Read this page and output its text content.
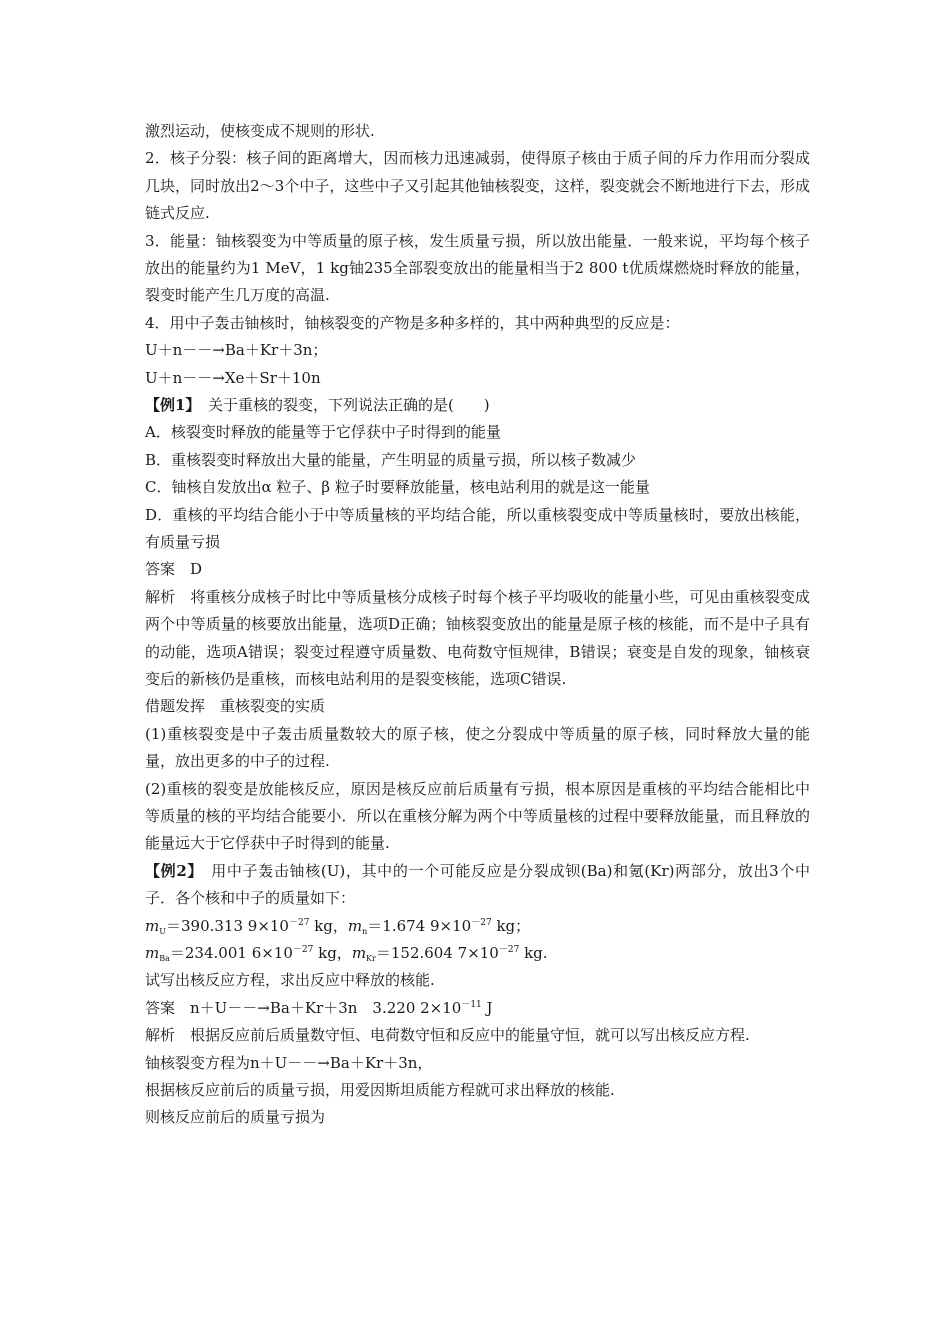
激烈运动，使核变成不规则的形状.
2．核子分裂：核子间的距离增大，因而核力迅速减弱，使得原子核由于质子间的斥力作用而分裂成几块，同时放出2～3个中子，这些中子又引起其他铀核裂变，这样，裂变就会不断地进行下去，形成链式反应.
3．能量：铀核裂变为中等质量的原子核，发生质量亏损，所以放出能量．一般来说，平均每个核子放出的能量约为1 MeV，1 kg铀235全部裂变放出的能量相当于2 800 t优质煤燃烧时释放的能量，裂变时能产生几万度的高温.
4．用中子轰击铀核时，铀核裂变的产物是多种多样的，其中两种典型的反应是：
U＋n－－→Ba＋Kr＋3n；
U＋n－－→Xe＋Sr＋10n
【例1】　关于重核的裂变，下列说法正确的是(　　)
A．核裂变时释放的能量等于它俘获中子时得到的能量
B．重核裂变时释放出大量的能量，产生明显的质量亏损，所以核子数减少
C．铀核自发放出α 粒子、β 粒子时要释放能量，核电站利用的就是这一能量
D．重核的平均结合能小于中等质量核的平均结合能，所以重核裂变成中等质量核时，要放出核能，有质量亏损
答案　D
解析　将重核分成核子时比中等质量核分成核子时每个核子平均吸收的能量小些，可见由重核裂变成两个中等质量的核要放出能量，选项D正确；铀核裂变放出的能量是原子核的核能，而不是中子具有的动能，选项A错误；裂变过程遵守质量数、电荷数守恒规律，B错误；衰变是自发的现象，铀核衰变后的新核仍是重核，而核电站利用的是裂变核能，选项C错误.
借题发挥　重核裂变的实质
(1)重核裂变是中子轰击质量数较大的原子核，使之分裂成中等质量的原子核，同时释放大量的能量，放出更多的中子的过程.
(2)重核的裂变是放能核反应，原因是核反应前后质量有亏损，根本原因是重核的平均结合能相比中等质量的核的平均结合能要小．所以在重核分解为两个中等质量核的过程中要释放能量，而且释放的能量远大于它俘获中子时得到的能量.
【例2】　用中子轰击铀核(U)，其中的一个可能反应是分裂成钡(Ba)和氪(Kr)两部分，放出3个中子．各个核和中子的质量如下：
$m_U=390.313$ $9\times 10^{-27}$ kg，$m_n=1.674$ $9\times 10^{-27}$ kg；
$m_{Ba}=234.001$ $6\times 10^{-27}$ kg，$m_{Kr}=152.604$ $7\times 10^{-27}$ kg.
试写出核反应方程，求出反应中释放的核能.
答案　n＋U－－→Ba＋Kr＋3n　3.220 $2\times 10^{-11}$ J
解析　根据反应前后质量数守恒、电荷数守恒和反应中的能量守恒，就可以写出核反应方程.
铀核裂变方程为n＋U－－→Ba＋Kr＋3n，
根据核反应前后的质量亏损，用爱因斯坦质能方程就可求出释放的核能.
则核反应前后的质量亏损为
